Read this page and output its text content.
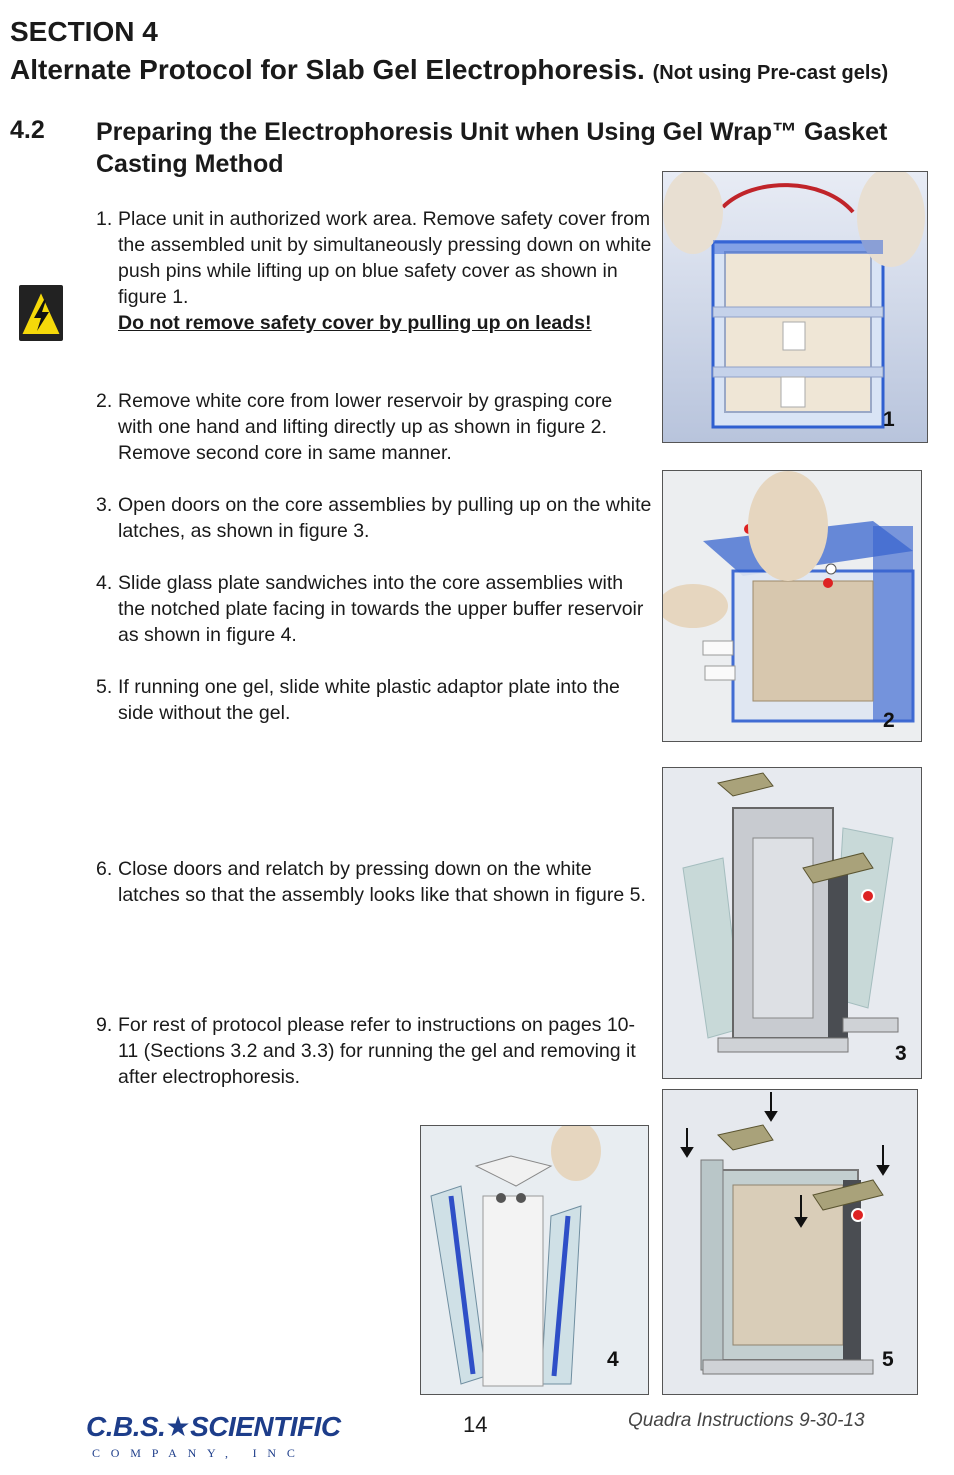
SECTION 4
Alternate Protocol for Slab Gel Electrophoresis. (Not using Pre-cast gels)
4.2 Preparing the Electrophoresis Unit when Using Gel Wrap™ Gasket Casting Method
1. Place unit in authorized work area. Remove safety cover from the assembled unit by simultaneously pressing down on white push pins while lifting up on blue safety cover as shown in figure 1.
Do not remove safety cover by pulling up on leads!
2. Remove white core from lower reservoir by grasping core with one hand and lifting directly up as shown in figure 2. Remove second core in same manner.
3. Open doors on the core assemblies by pulling up on the white latches, as shown in figure 3.
4. Slide glass plate sandwiches into the core assemblies with the notched plate facing in towards the upper buffer reservoir as shown in figure 4.
5. If running one gel, slide white plastic adaptor plate into the side without the gel.
6. Close doors and relatch by pressing down on the white latches so that the assembly looks like that shown in figure 5.
9. For rest of protocol please refer to instructions on pages 10-11 (Sections 3.2 and 3.3) for running the gel and removing it after electrophoresis.
1
2
3
4	5
C.B.S.★SCIENTIFIC
COMPANY, INC
14	Quadra Instructions 9-30-13
